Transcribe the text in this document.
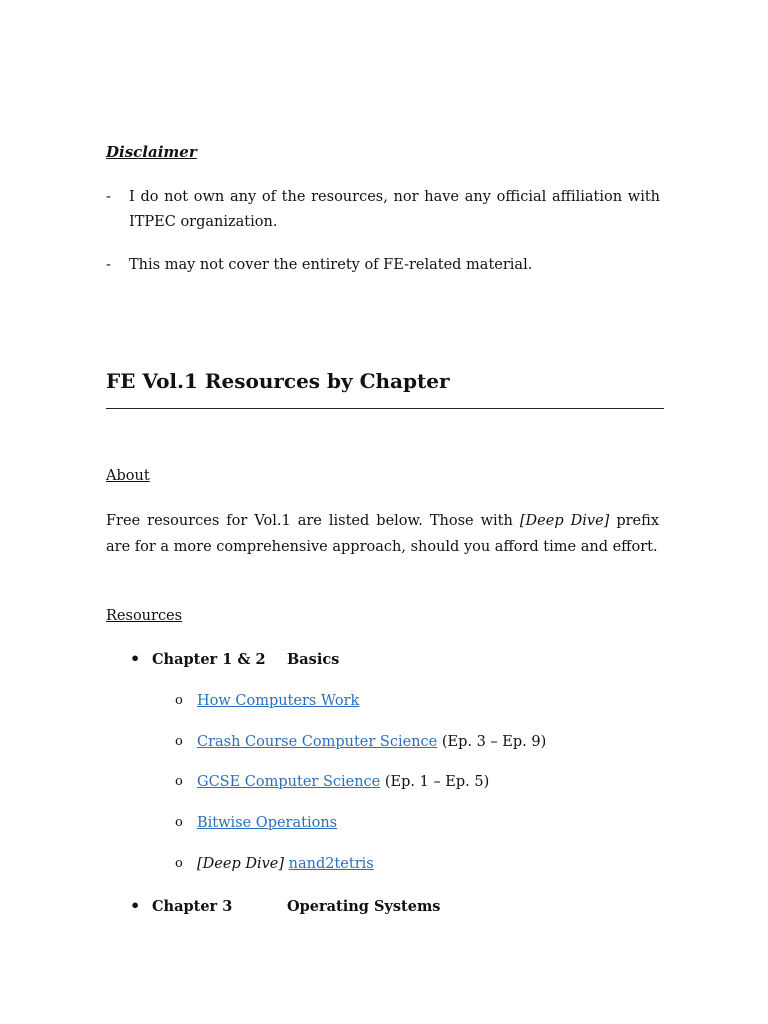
Disclaimer
- I do not own any of the resources, nor have any official affiliation with ITPEC organization.
- This may not cover the entirety of FE-related material.
FE Vol.1 Resources by Chapter
About
Free resources for Vol.1 are listed below. Those with [Deep Dive] prefix are for a more comprehensive approach, should you afford time and effort.
Resources
• Chapter 1 & 2 Basics
o How Computers Work
o Crash Course Computer Science (Ep. 3 – Ep. 9)
o GCSE Computer Science (Ep. 1 – Ep. 5)
o Bitwise Operations
o [Deep Dive] nand2tetris
• Chapter 3	Operating Systems
